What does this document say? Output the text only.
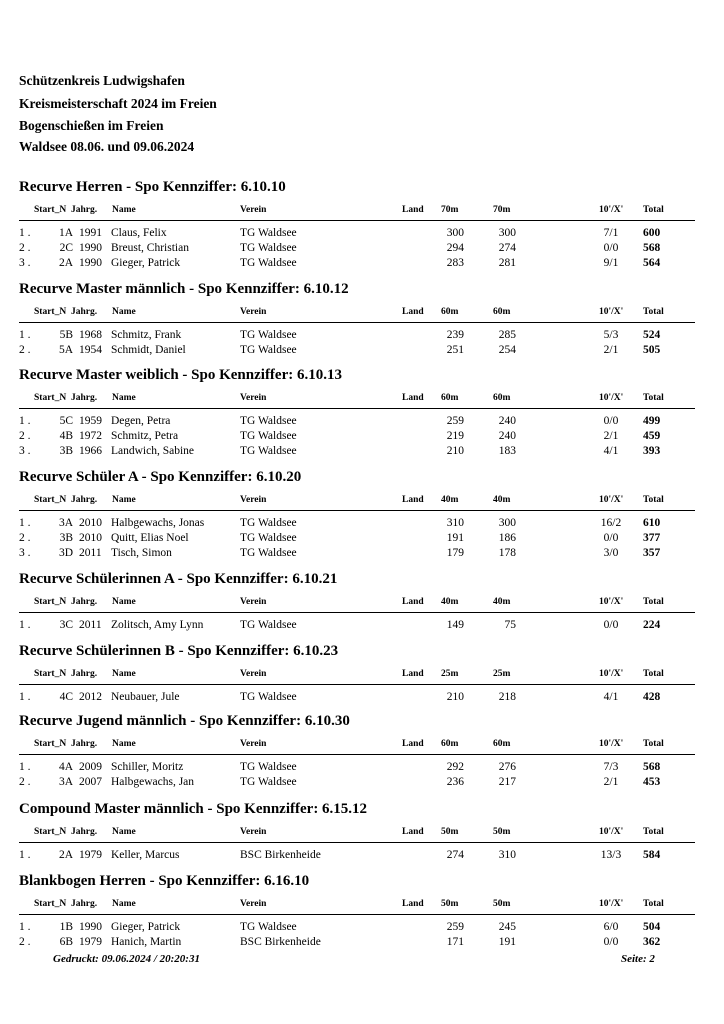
Schützenkreis Ludwigshafen
Kreismeisterschaft 2024 im Freien
Bogenschießen im Freien
Waldsee 08.06. und 09.06.2024
Recurve Herren - Spo Kennziffer: 6.10.10
Start_N Jahrg. Name	Verein	Land 70m	70m	10'/X' Total
1 .	1A 1991 Claus, Felix	TG Waldsee	300	300	7/1	600
2 .	2C 1990 Breust, Christian	TG Waldsee	294	274	0/0	568
3 .	2A 1990 Gieger, Patrick	TG Waldsee	283	281	9/1	564
Recurve Master männlich - Spo Kennziffer: 6.10.12
Start_N Jahrg. Name	Verein	Land 60m	60m	10'/X' Total
1 .	5B 1968 Schmitz, Frank	TG Waldsee	239	285	5/3	524
2 .	5A 1954 Schmidt, Daniel	TG Waldsee	251	254	2/1	505
Recurve Master weiblich - Spo Kennziffer: 6.10.13
Start_N Jahrg. Name	Verein	Land 60m	60m	10'/X' Total
1 .	5C 1959 Degen, Petra	TG Waldsee	259	240	0/0	499
2 .	4B 1972 Schmitz, Petra	TG Waldsee	219	240	2/1	459
3 .	3B 1966 Landwich, Sabine	TG Waldsee	210	183	4/1	393
Recurve Schüler A - Spo Kennziffer: 6.10.20
Start_N Jahrg. Name	Verein	Land 40m	40m	10'/X' Total
1 .	3A 2010 Halbgewachs, Jonas	TG Waldsee	310	300	16/2	610
2 .	3B 2010 Quitt, Elias Noel	TG Waldsee	191	186	0/0	377
3 .	3D 2011 Tisch, Simon	TG Waldsee	179	178	3/0	357
Recurve Schülerinnen A - Spo Kennziffer: 6.10.21
Start_N Jahrg. Name	Verein	Land 40m	40m	10'/X' Total
1 .	3C 2011 Zolitsch, Amy Lynn	TG Waldsee	149	75	0/0	224
Recurve Schülerinnen B - Spo Kennziffer: 6.10.23
Start_N Jahrg. Name	Verein	Land 25m	25m	10'/X' Total
1 .	4C 2012 Neubauer, Jule	TG Waldsee	210	218	4/1	428
Recurve Jugend männlich - Spo Kennziffer: 6.10.30
Start_N Jahrg. Name	Verein	Land 60m	60m	10'/X' Total
1 .	4A 2009 Schiller, Moritz	TG Waldsee	292	276	7/3	568
2 .	3A 2007 Halbgewachs, Jan	TG Waldsee	236	217	2/1	453
Compound Master männlich - Spo Kennziffer: 6.15.12
Start_N Jahrg. Name	Verein	Land 50m	50m	10'/X' Total
1 .	2A 1979 Keller, Marcus	BSC Birkenheide	274	310	13/3	584
Blankbogen Herren - Spo Kennziffer: 6.16.10
Start_N Jahrg. Name	Verein	Land 50m	50m	10'/X' Total
1 .	1B 1990 Gieger, Patrick	TG Waldsee	259	245	6/0	504
2 .	6B 1979 Hanich, Martin	BSC Birkenheide	171	191	0/0	362
Gedruckt: 09.06.2024 / 20:20:31	Seite: 2
